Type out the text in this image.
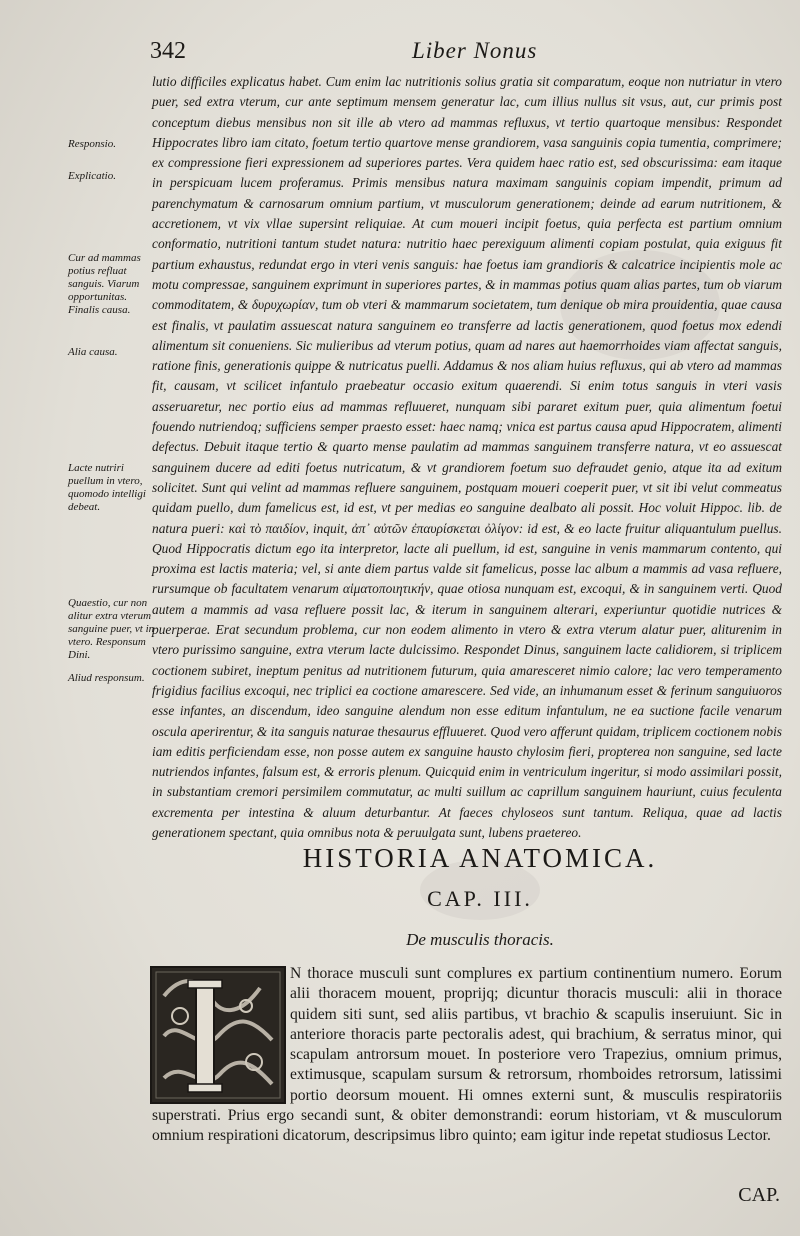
342	Liber Nonus
Responsio.
Explicatio.
Cur ad mammas potius refluat sanguis. Viarum opportunitas. Finalis causa.
Alia causa.
Lacte nutriri puellum in vtero, quomodo intelligi debeat.
Quaestio, cur non alitur extra vterum sanguine puer, vt in vtero. Responsum Dini.
Aliud responsum.

lutio difficiles explicatus habet. Cum enim lac nutritionis solius gratia sit comparatum, eoque non nutriatur in vtero puer, sed extra vterum, cur ante septimum mensem generatur lac, cum illius nullus sit vsus, aut, cur primis post conceptum diebus mensibus non sit ille ab vtero ad mammas refluxus, vt tertio quartoque mensibus: Respondet Hippocrates libro iam citato, foetum tertio quartove mense grandiorem, vasa sanguinis copia tumentia, comprimere; ex compressione fieri expressionem ad superiores partes. Vera quidem haec ratio est, sed obscurissima: eam itaque in perspicuam lucem proferamus. Primis mensibus natura maximam sanguinis copiam impendit, primum ad parenchymatum & carnosarum omnium partium, vt musculorum generationem; deinde ad earum nutritionem, & accretionem, vt vix vllae supersint reliquiae. At cum moueri incipit foetus, quia perfecta est partium omnium conformatio, nutritioni tantum studet natura: nutritio haec perexiguum alimenti copiam postulat, quia exiguus fit partium exhaustus, redundat ergo in vteri venis sanguis: hae foetus iam grandioris & calcatrice incipientis mole ac motu compressae, sanguinem exprimunt in superiores partes, & in mammas potius quam alias partes, tum ob viarum commoditatem, & δυρυχωρίαν, tum ob vteri & mammarum societatem, tum denique ob mira prouidentia, quae causa est finalis, vt paulatim assuescat natura sanguinem eo transferre ad lactis generationem, quod foetus mox edendi alimentum sit conueniens. Sic mulieribus ad vterum potius, quam ad nares aut haemorrhoides viam affectat sanguis, ratione finis, generationis quippe & nutricatus puelli. Addamus & nos aliam huius refluxus, qui ab vtero ad mammas fit, causam, vt scilicet infantulo praebeatur occasio exitum quaerendi. Si enim totus sanguis in vteri vasis asseruaretur, nec portio eius ad mammas refluueret, nunquam sibi pararet exitum puer, quia alimentum foetui fouendo nutriendoq; sufficiens semper praesto esset: haec namq; vnica est partus causa apud Hippocratem, alimenti defectus. Debuit itaque tertio & quarto mense paulatim ad mammas sanguinem transferre natura, vt eo assuescat sanguinem ducere ad editi foetus nutricatum, & vt grandiorem foetum suo defraudet genio, atque ita ad exitum solicitet. Sunt qui velint ad mammas refluere sanguinem, postquam moueri coeperit puer, vt sit ibi velut commeatus quidam puello, dum famelicus est, id est, vt per medias eo sanguine dealbato ali possit. Hoc voluit Hippoc. lib. de natura pueri: καὶ τὸ παιδίον, inquit, ἀπ᾽ αὐτῶν ἐπαυρίσκεται ὀλίγον: id est, & eo lacte fruitur aliquantulum puellus. Quod Hippocratis dictum ego ita interpretor, lacte ali puellum, id est, sanguine in venis mammarum contento, qui proxima est lactis materia; vel, si ante diem partus valde sit famelicus, posse lac album a mammis ad vasa refluere, rursumque ob facultatem venarum αἱματοποιητικήν, quae otiosa nunquam est, excoqui, & in sanguinem verti. Quod autem a mammis ad vasa refluere possit lac, & iterum in sanguinem alterari, experiuntur quotidie nutrices & puerperae. Erat secundum problema, cur non eodem alimento in vtero & extra vterum alatur puer, aliturenim in vtero purissimo sanguine, extra vterum lacte dulcissimo. Respondet Dinus, sanguinem lacte calidiorem, si triplicem coctionem subiret, ineptum penitus ad nutritionem futurum, quia amaresceret nimio calore; lac vero temperamento frigidius facilius excoqui, nec triplici ea coctione amarescere. Sed vide, an inhumanum esset & ferinum sanguiuoros esse infantes, an discendum, ideo sanguine alendum non esse editum infantulum, ne ea suctione facile venarum oscula aperirentur, & ita sanguis naturae thesaurus effluueret. Quod vero afferunt quidam, triplicem coctionem nobis iam editis perficiendam esse, non posse autem ex sanguine hausto chylosim fieri, propterea non sanguine, sed lacte nutriendos infantes, falsum est, & erroris plenum. Quicquid enim in ventriculum ingeritur, si modo assimilari possit, in substantiam cremori persimilem commutatur, ac multi suillum ac caprillum sanguinem hauriunt, cuius feculenta excrementa per intestina & aluum deturbantur. At faeces chyloseos sunt tantum. Reliqua, quae ad lactis generationem spectant, quia omnibus nota & peruulgata sunt, lubens praetereo.

HISTORIA ANATOMICA.
CAP. III.
De musculis thoracis.

N thorace musculi sunt complures ex partium continentium numero. Eorum alii thoracem mouent, proprijq; dicuntur thoracis musculi: alii in thorace quidem siti sunt, sed aliis partibus, vt brachio & scapulis inseruiunt. Sic in anteriore thoracis parte pectoralis adest, qui brachium, & serratus minor, qui scapulam antrorsum mouet. In posteriore vero Trapezius, omnium primus, extimusque, scapulam sursum & retrorsum, rhomboides retrorsum, latissimi portio deorsum mouent. Hi omnes externi sunt, & musculis respiratoriis superstrati. Prius ergo secandi sunt, & obiter demonstrandi: eorum historiam, vt & musculorum omnium respirationi dicatorum, descripsimus libro quinto; eam igitur inde repetat studiosus Lector.

CAP.
